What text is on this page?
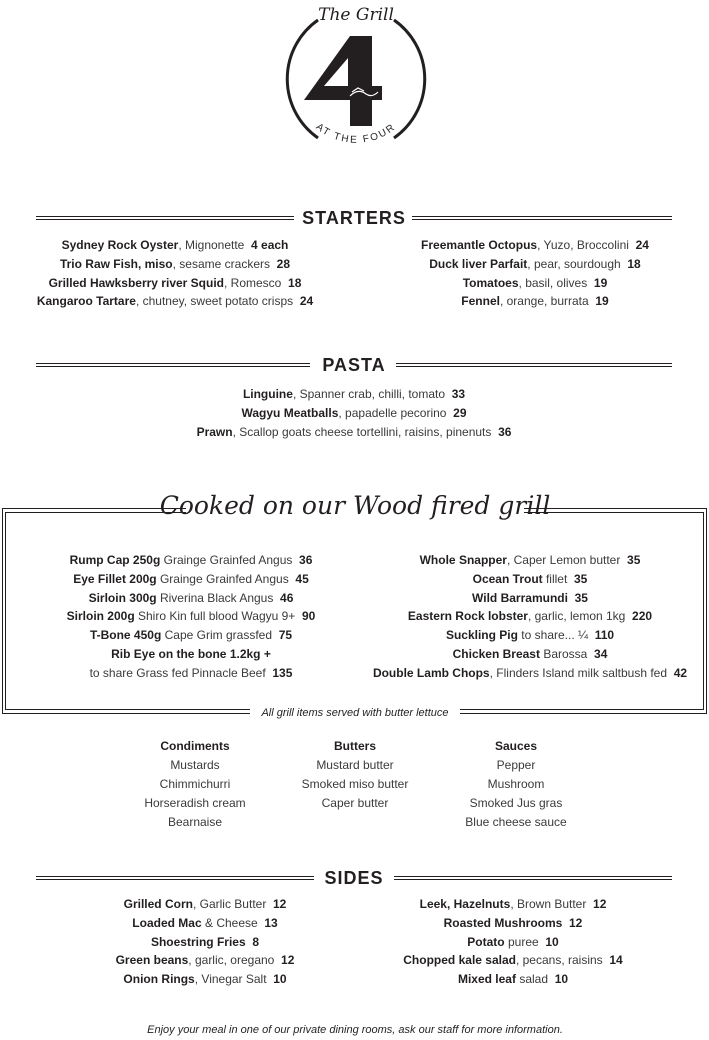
The Grill
AT THE FOUR
STARTERS
Sydney Rock Oyster, Mignonette 4 each
Trio Raw Fish, miso, sesame crackers 28
Grilled Hawksberry river Squid, Romesco 18
Kangaroo Tartare, chutney, sweet potato crisps 24
Freemantle Octopus, Yuzo, Broccolini 24
Duck liver Parfait, pear, sourdough 18
Tomatoes, basil, olives 19
Fennel, orange, burrata 19
PASTA
Linguine, Spanner crab, chilli, tomato 33
Wagyu Meatballs, papadelle pecorino 29
Prawn, Scallop goats cheese tortellini, raisins, pinenuts 36
Cooked on our Wood fired grill
Rump Cap 250g Grainge Grainfed Angus 36
Eye Fillet 200g Grainge Grainfed Angus 45
Sirloin 300g Riverina Black Angus 46
Sirloin 200g Shiro Kin full blood Wagyu 9+ 90
T-Bone 450g Cape Grim grassfed 75
Rib Eye on the bone 1.2kg +
to share Grass fed Pinnacle Beef 135
Whole Snapper, Caper Lemon butter 35
Ocean Trout fillet 35
Wild Barramundi 35
Eastern Rock lobster, garlic, lemon 1kg 220
Suckling Pig to share... ¼ 110
Chicken Breast Barossa 34
Double Lamb Chops, Flinders Island milk saltbush fed 42
All grill items served with butter lettuce
Condiments
Mustards
Chimmichurri
Horseradish cream
Bearnaise
Butters
Mustard butter
Smoked miso butter
Caper butter
Sauces
Pepper
Mushroom
Smoked Jus gras
Blue cheese sauce
SIDES
Grilled Corn, Garlic Butter 12
Loaded Mac & Cheese 13
Shoestring Fries 8
Green beans, garlic, oregano 12
Onion Rings, Vinegar Salt 10
Leek, Hazelnuts, Brown Butter 12
Roasted Mushrooms 12
Potato puree 10
Chopped kale salad, pecans, raisins 14
Mixed leaf salad 10
Enjoy your meal in one of our private dining rooms, ask our staff for more information.
